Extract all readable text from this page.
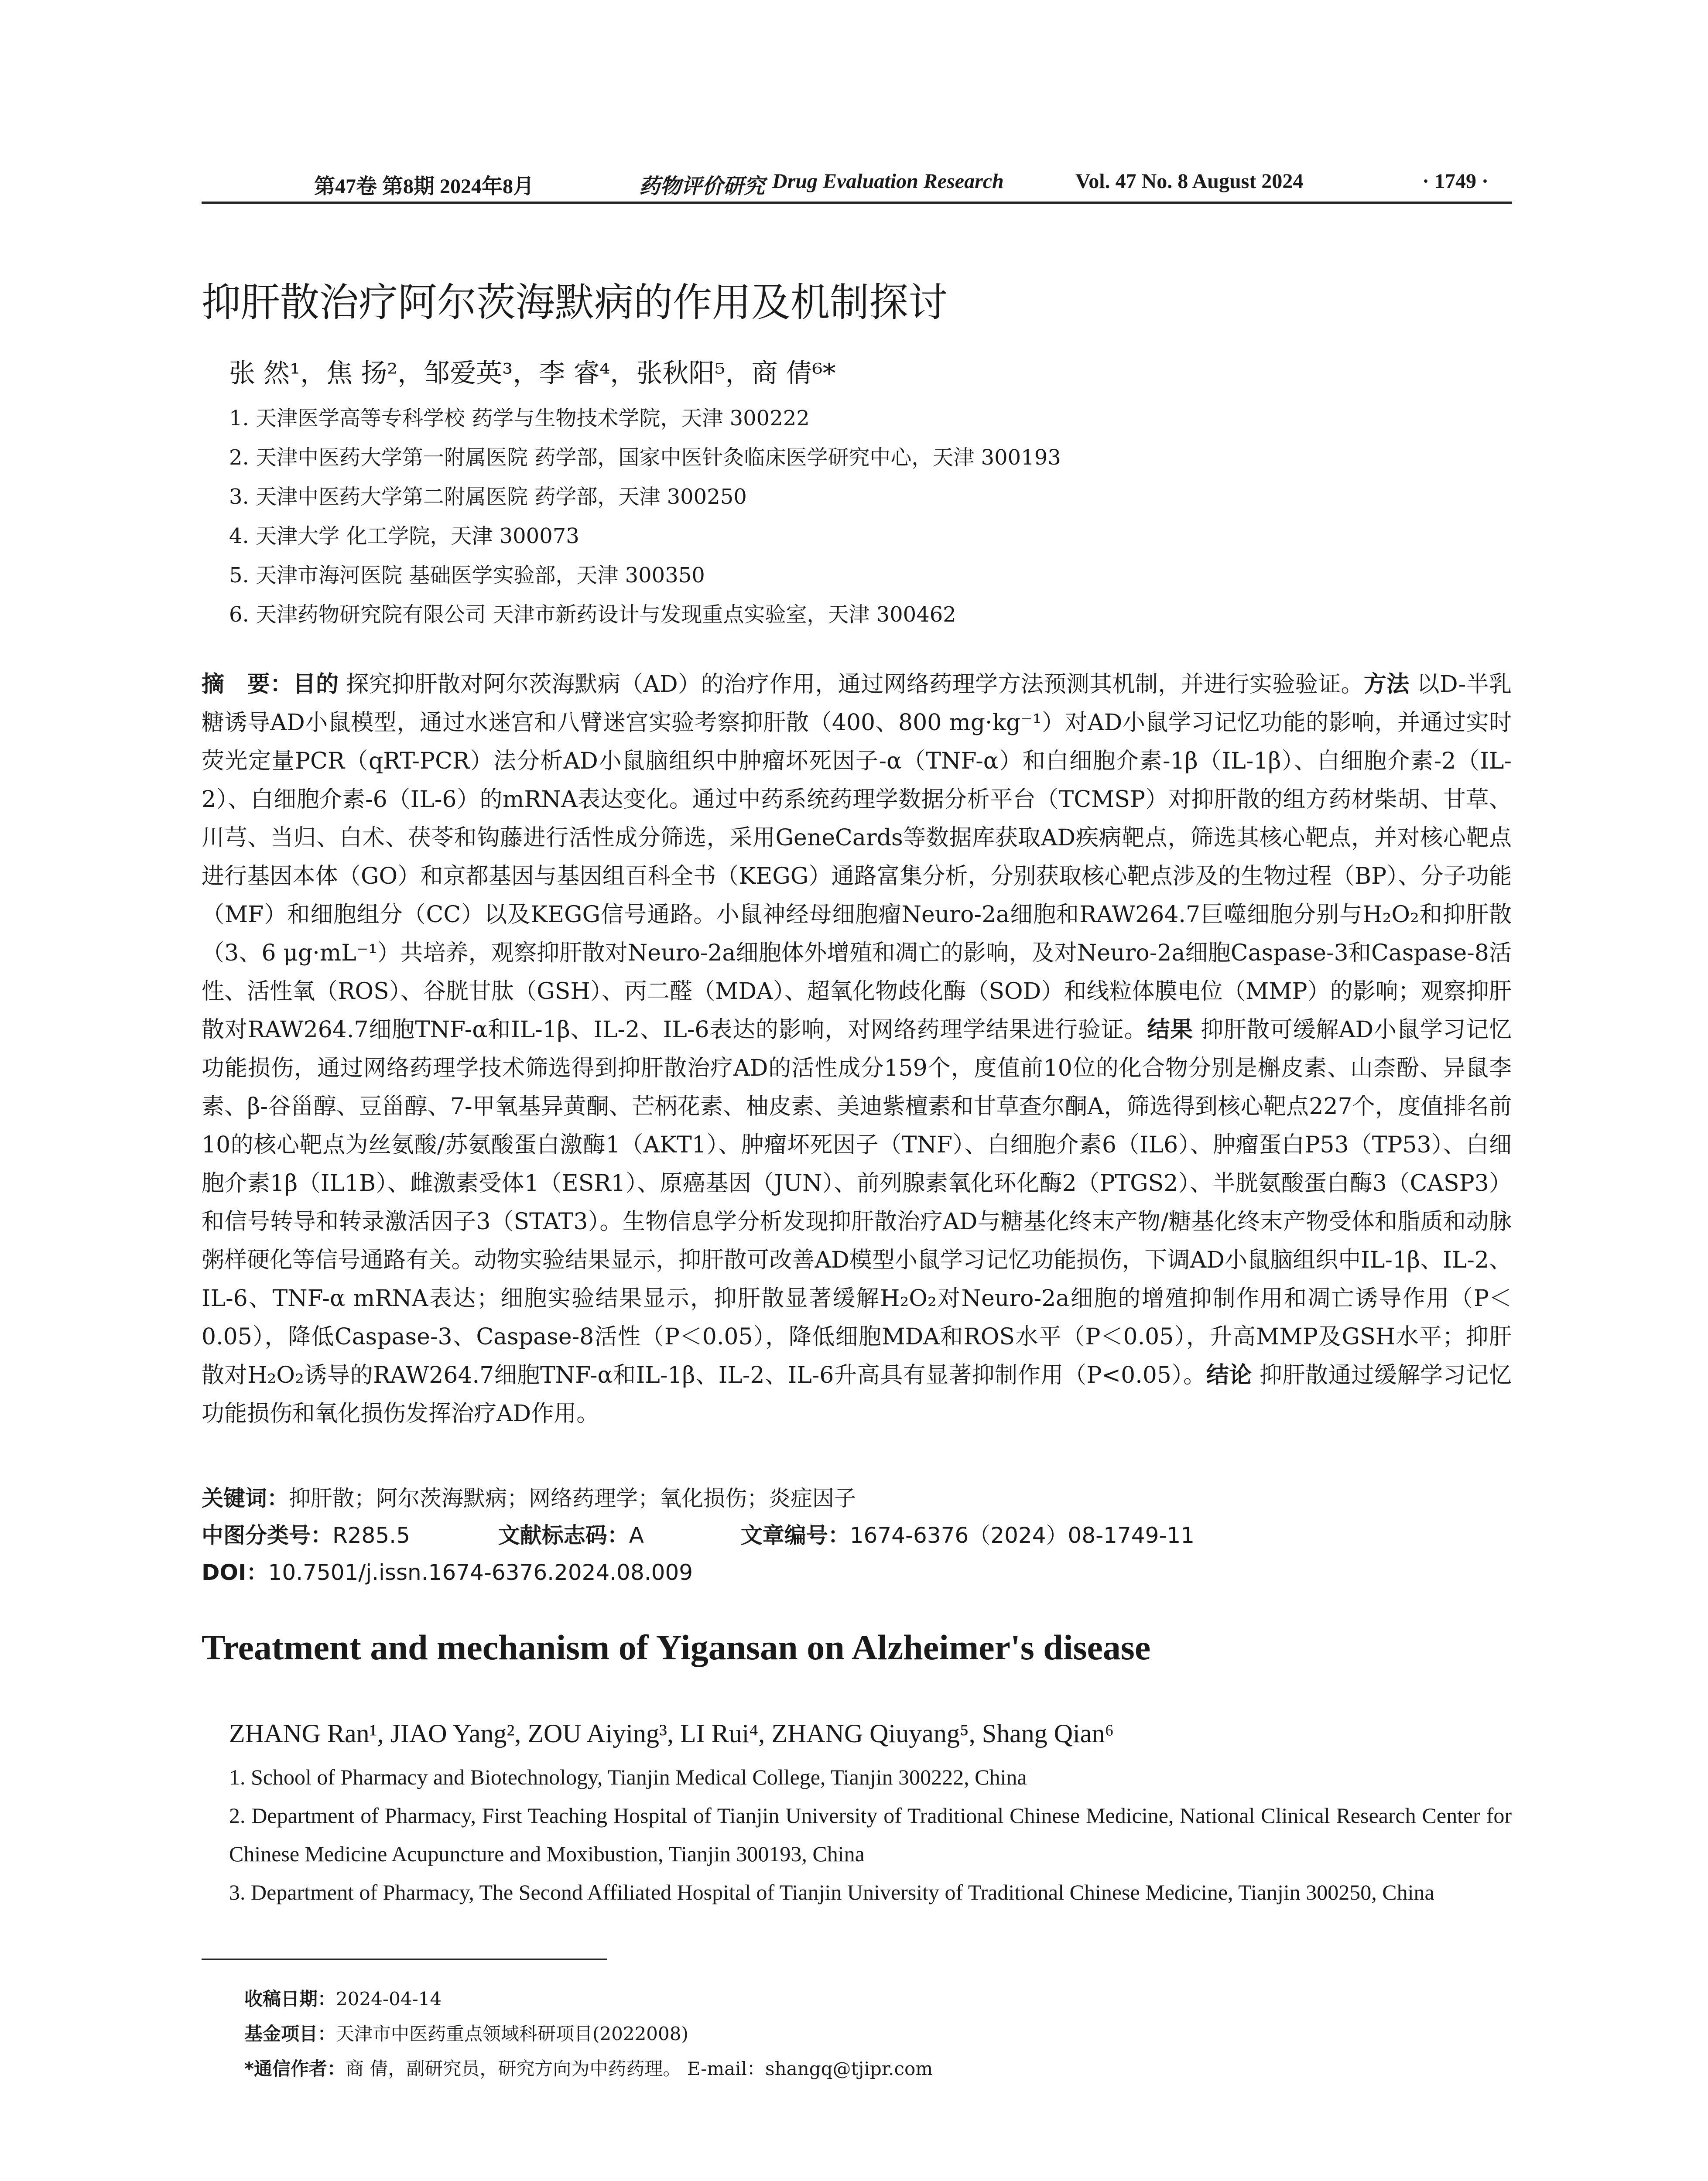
第47卷 第8期 2024年8月	药物评价研究 Drug Evaluation Research	Vol. 47 No. 8 August 2024	· 1749 ·
抑肝散治疗阿尔茨海默病的作用及机制探讨
张 然¹，焦 扬²，邹爱英³，李 睿⁴，张秋阳⁵，商 倩⁶*
1. 天津医学高等专科学校 药学与生物技术学院，天津 300222
2. 天津中医药大学第一附属医院 药学部，国家中医针灸临床医学研究中心，天津 300193
3. 天津中医药大学第二附属医院 药学部，天津 300250
4. 天津大学 化工学院，天津 300073
5. 天津市海河医院 基础医学实验部，天津 300350
6. 天津药物研究院有限公司 天津市新药设计与发现重点实验室，天津 300462
摘　要：目的 探究抑肝散对阿尔茨海默病（AD）的治疗作用，通过网络药理学方法预测其机制，并进行实验验证。方法 以D-半乳糖诱导AD小鼠模型，通过水迷宫和八臂迷宫实验考察抑肝散（400、800 mg·kg⁻¹）对AD小鼠学习记忆功能的影响，并通过实时荧光定量PCR（qRT-PCR）法分析AD小鼠脑组织中肿瘤坏死因子-α（TNF-α）和白细胞介素-1β（IL-1β）、白细胞介素-2（IL-2）、白细胞介素-6（IL-6）的mRNA表达变化。通过中药系统药理学数据分析平台（TCMSP）对抑肝散的组方药材柴胡、甘草、川芎、当归、白术、茯苓和钩藤进行活性成分筛选，采用GeneCards等数据库获取AD疾病靶点，筛选其核心靶点，并对核心靶点进行基因本体（GO）和京都基因与基因组百科全书（KEGG）通路富集分析，分别获取核心靶点涉及的生物过程（BP）、分子功能（MF）和细胞组分（CC）以及KEGG信号通路。小鼠神经母细胞瘤Neuro-2a细胞和RAW264.7巨噬细胞分别与H₂O₂和抑肝散（3、6 μg·mL⁻¹）共培养，观察抑肝散对Neuro-2a细胞体外增殖和凋亡的影响，及对Neuro-2a细胞Caspase-3和Caspase-8活性、活性氧（ROS）、谷胱甘肽（GSH）、丙二醛（MDA）、超氧化物歧化酶（SOD）和线粒体膜电位（MMP）的影响；观察抑肝散对RAW264.7细胞TNF-α和IL-1β、IL-2、IL-6表达的影响，对网络药理学结果进行验证。结果 抑肝散可缓解AD小鼠学习记忆功能损伤，通过网络药理学技术筛选得到抑肝散治疗AD的活性成分159个，度值前10位的化合物分别是槲皮素、山柰酚、异鼠李素、β-谷甾醇、豆甾醇、7-甲氧基异黄酮、芒柄花素、柚皮素、美迪紫檀素和甘草查尔酮A，筛选得到核心靶点227个，度值排名前10的核心靶点为丝氨酸/苏氨酸蛋白激酶1（AKT1）、肿瘤坏死因子（TNF）、白细胞介素6（IL6）、肿瘤蛋白P53（TP53）、白细胞介素1β（IL1B）、雌激素受体1（ESR1）、原癌基因（JUN）、前列腺素氧化环化酶2（PTGS2）、半胱氨酸蛋白酶3（CASP3）和信号转导和转录激活因子3（STAT3）。生物信息学分析发现抑肝散治疗AD与糖基化终末产物/糖基化终末产物受体和脂质和动脉粥样硬化等信号通路有关。动物实验结果显示，抑肝散可改善AD模型小鼠学习记忆功能损伤，下调AD小鼠脑组织中IL-1β、IL-2、IL-6、TNF-α mRNA表达；细胞实验结果显示，抑肝散显著缓解H₂O₂对Neuro-2a细胞的增殖抑制作用和凋亡诱导作用（P＜0.05），降低Caspase-3、Caspase-8活性（P＜0.05），降低细胞MDA和ROS水平（P＜0.05），升高MMP及GSH水平；抑肝散对H₂O₂诱导的RAW264.7细胞TNF-α和IL-1β、IL-2、IL-6升高具有显著抑制作用（P<0.05）。结论 抑肝散通过缓解学习记忆功能损伤和氧化损伤发挥治疗AD作用。
关键词：抑肝散；阿尔茨海默病；网络药理学；氧化损伤；炎症因子
中图分类号：R285.5	文献标志码：A	文章编号：1674-6376（2024）08-1749-11
DOI：10.7501/j.issn.1674-6376.2024.08.009
Treatment and mechanism of Yigansan on Alzheimer's disease
ZHANG Ran¹, JIAO Yang², ZOU Aiying³, LI Rui⁴, ZHANG Qiuyang⁵, Shang Qian⁶
1. School of Pharmacy and Biotechnology, Tianjin Medical College, Tianjin 300222, China
2. Department of Pharmacy, First Teaching Hospital of Tianjin University of Traditional Chinese Medicine, National Clinical Research Center for Chinese Medicine Acupuncture and Moxibustion, Tianjin 300193, China
3. Department of Pharmacy, The Second Affiliated Hospital of Tianjin University of Traditional Chinese Medicine, Tianjin 300250, China
收稿日期：2024-04-14
基金项目：天津市中医药重点领域科研项目(2022008)
*通信作者：商 倩，副研究员，研究方向为中药药理。 E-mail：shangq@tjipr.com
